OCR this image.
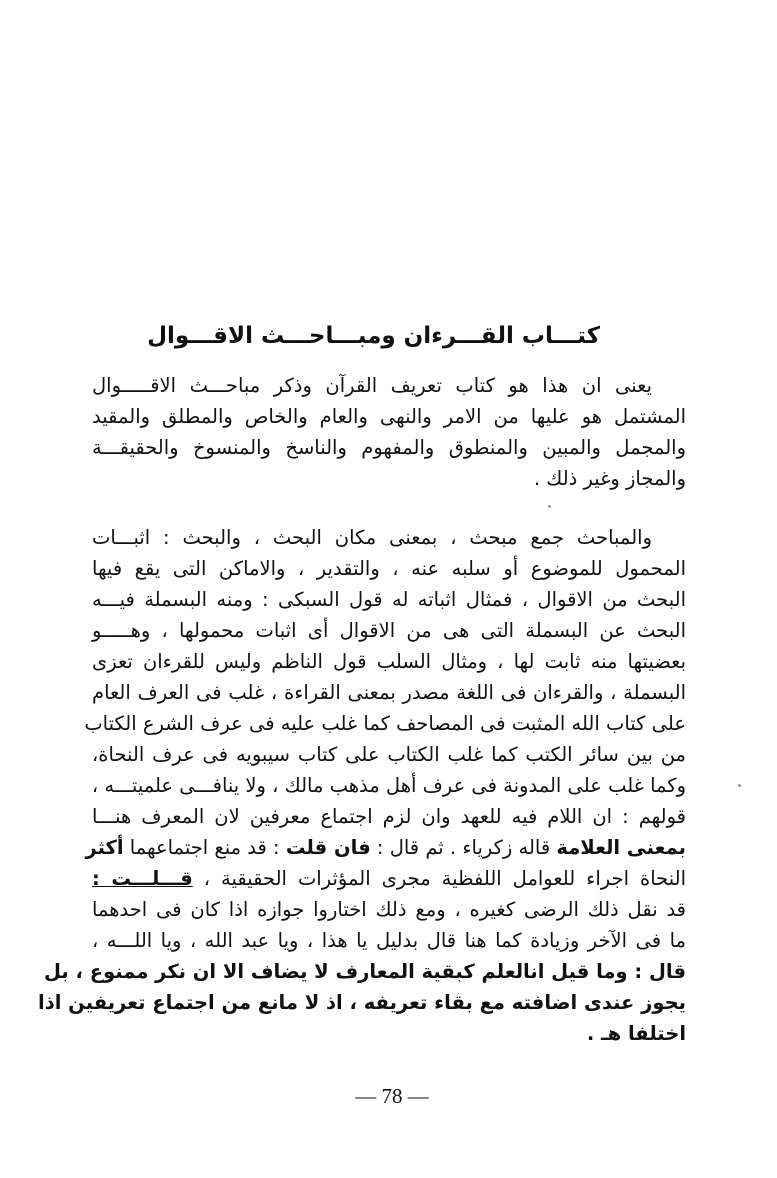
كتـــاب القـــرءان ومبـــاحـــث الاقـــوال
يعنى ان هذا هو كتاب تعريف القرآن وذكر مباحـــث الاقـــــوال
المشتمل هو عليها من الامر والنهى والعام والخاص والمطلق والمقيد
والمجمل والمبين والمنطوق والمفهوم والناسخ والمنسوخ والحقيقـــة
والمجاز وغير ذلك .
والمباحث جمع مبحث ، بمعنى مكان البحث ، والبحث : اثبـــات
المحمول للموضوع أو سلبه عنه ، والتقدير ، والاماكن التى يقع فيها
البحث من الاقوال ، فمثال اثباته له قول السبكى : ومنه البسملة فيـــه
البحث عن البسملة التى هى من الاقوال أى اثبات محمولها ، وهـــــو
بعضيتها منه ثابت لها ، ومثال السلب قول الناظم وليس للقرءان تعزى
البسملة ، والقرءان فى اللغة مصدر بمعنى القراءة ، غلب فى العرف العام
على كتاب الله المثبت فى المصاحف كما غلب عليه فى عرف الشرع الكتاب
من بين سائر الكتب كما غلب الكتاب على كتاب سيبويه فى عرف النحاة،
وكما غلب على المدونة فى عرف أهل مذهب مالك ، ولا ينافـــى علميتـــه ،
قولهم : ان اللام فيه للعهد وان لزم اجتماع معرفين لان المعرف هنـــا
بمعنى العلامة قاله زكرياء . ثم قال : فان قلت : قد منع اجتماعهما أكثر
النحاة اجراء للعوامل اللفظية مجرى المؤثرات الحقيقية ، قـــلـــت :
قد نقل ذلك الرضى كغيره ، ومع ذلك اختاروا جوازه اذا كان فى احدهما
ما فى الآخر وزيادة كما هنا قال بدليل يا هذا ، ويا عبد الله ، ويا اللـــه ،
قال : وما قيل انالعلم كبقية المعارف لا يضاف الا ان نكر ممنوع ، بل
يجوز عندى اضافته مع بقاء تعريفه ، اذ لا مانع من اجتماع تعريفين اذا
اختلفا هـ .
— 78 —
